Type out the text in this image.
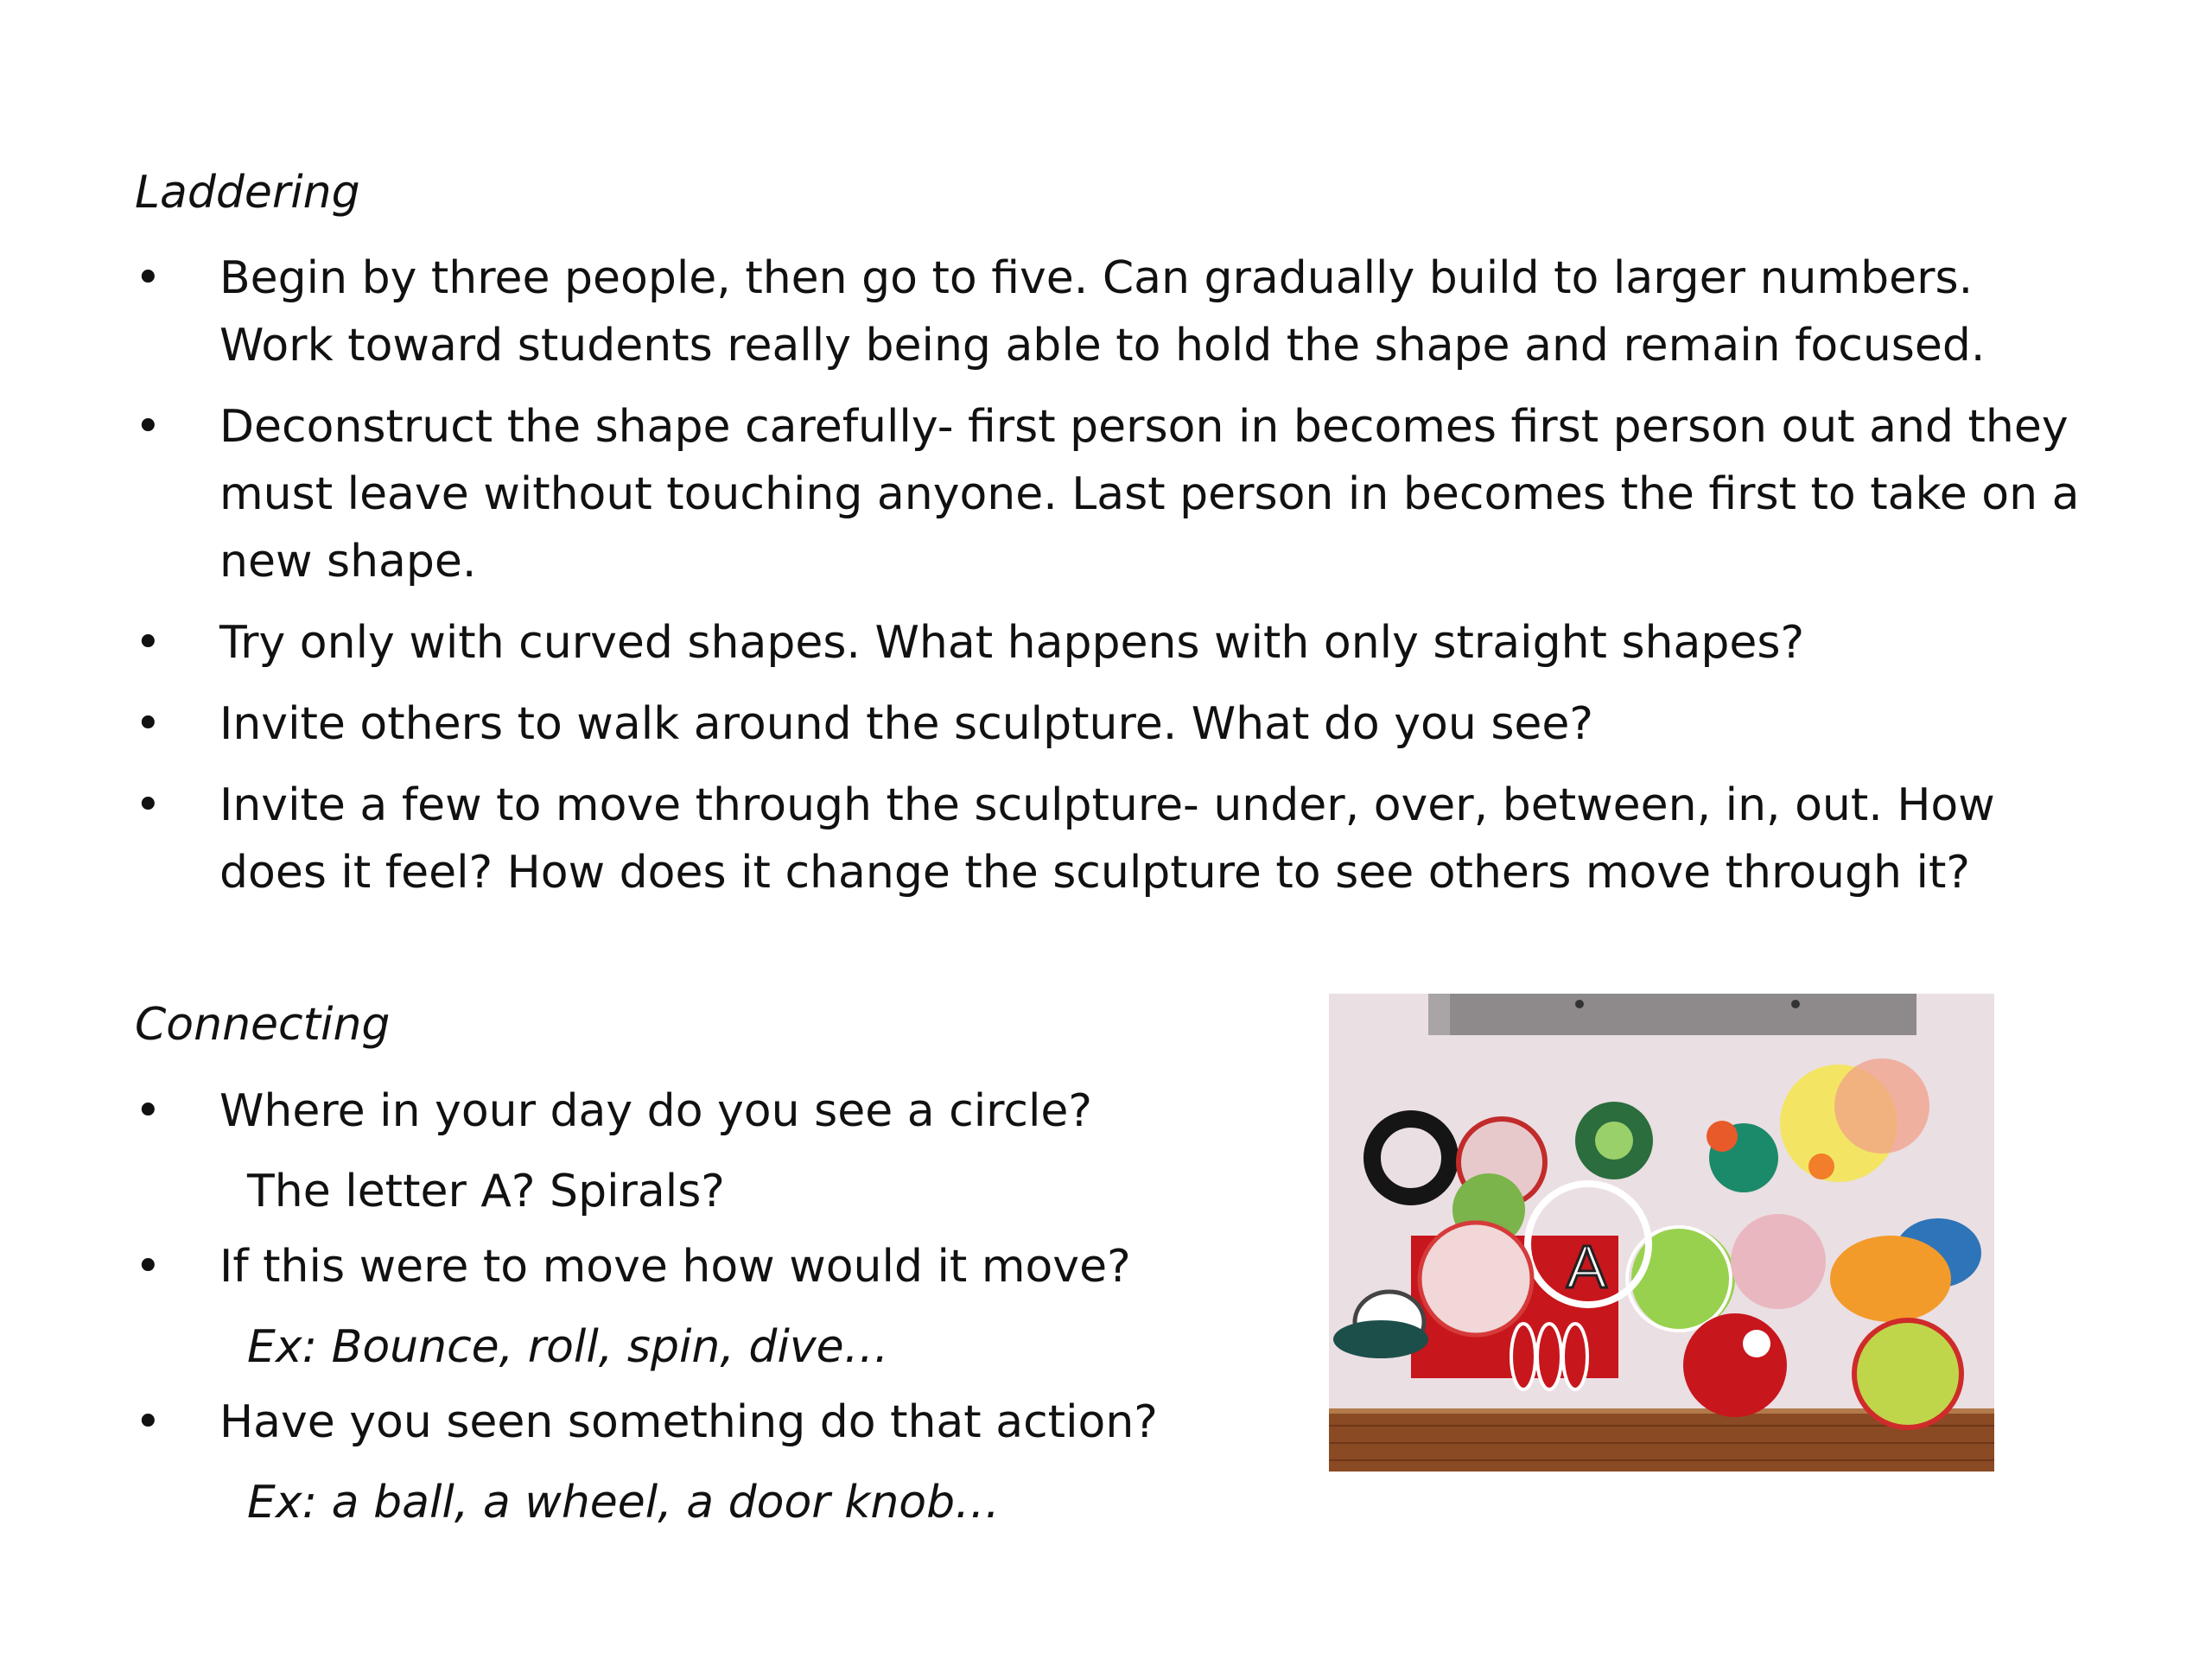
Laddering
• Begin by three people, then go to five. Can gradually build to larger numbers.
Work toward students really being able to hold the shape and remain focused.
• Deconstruct the shape carefully- first person in becomes first person out and they
must leave without touching anyone. Last person in becomes the first to take on a
new shape.
• Try only with curved shapes. What happens with only straight shapes?
• Invite others to walk around the sculpture. What do you see?
• Invite a few to move through the sculpture- under, over, between, in, out. How
does it feel? How does it change the sculpture to see others move through it?
Connecting
• Where in your day do you see a circle?
The letter A? Spirals?
• If this were to move how would it move?
Ex: Bounce, roll, spin, dive…
• Have you seen something do that action?
Ex: a ball, a wheel, a door knob…
A
